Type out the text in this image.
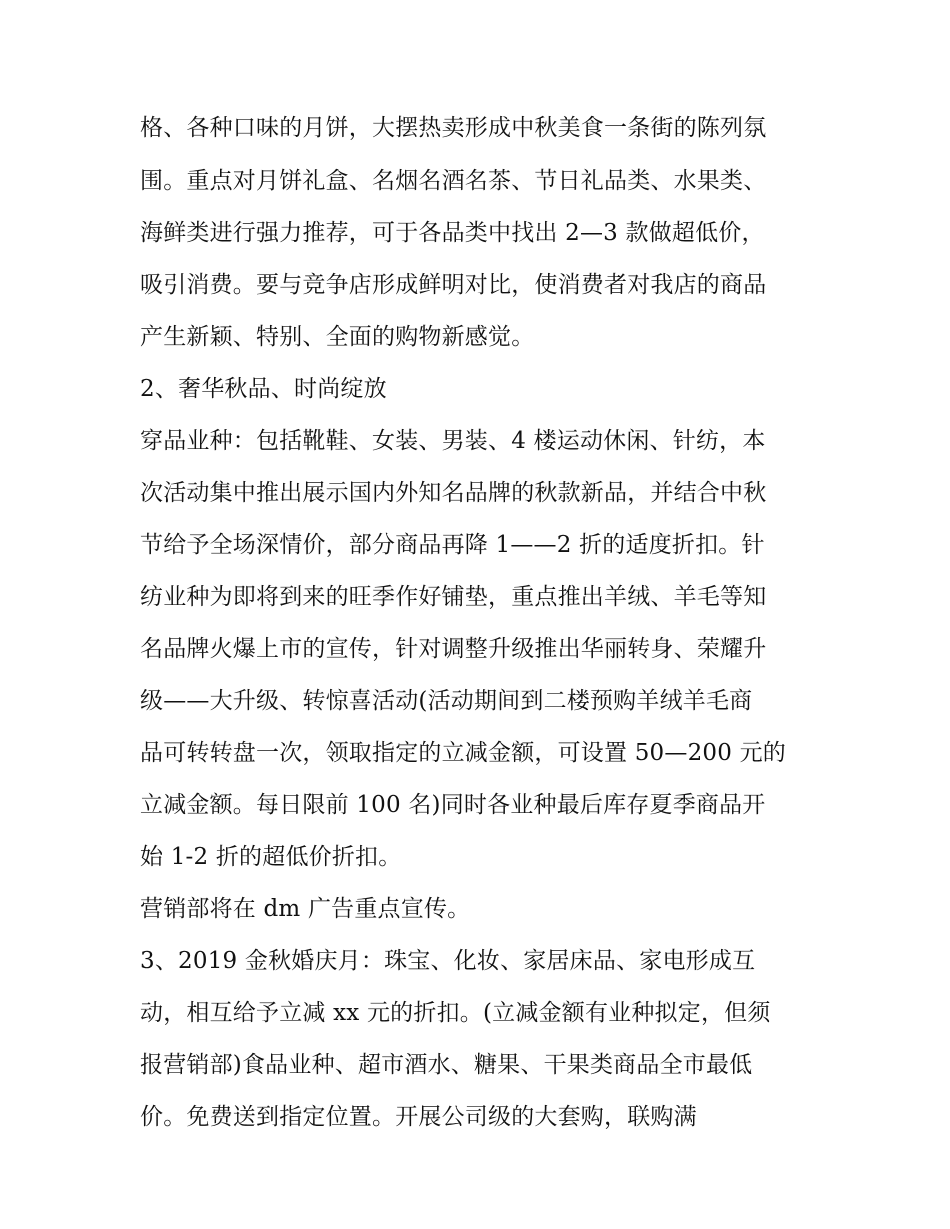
格、各种口味的月饼，大摆热卖形成中秋美食一条街的陈列氛
围。重点对月饼礼盒、名烟名酒名茶、节日礼品类、水果类、
海鲜类进行强力推荐，可于各品类中找出 2—3 款做超低价，
吸引消费。要与竞争店形成鲜明对比，使消费者对我店的商品
产生新颖、特别、全面的购物新感觉。
2、奢华秋品、时尚绽放
穿品业种：包括靴鞋、女装、男装、4 楼运动休闲、针纺，本
次活动集中推出展示国内外知名品牌的秋款新品，并结合中秋
节给予全场深情价，部分商品再降 1——2 折的适度折扣。针
纺业种为即将到来的旺季作好铺垫，重点推出羊绒、羊毛等知
名品牌火爆上市的宣传，针对调整升级推出华丽转身、荣耀升
级——大升级、转惊喜活动(活动期间到二楼预购羊绒羊毛商
品可转转盘一次，领取指定的立减金额，可设置 50—200 元的
立减金额。每日限前 100 名)同时各业种最后库存夏季商品开
始 1-2 折的超低价折扣。
营销部将在 dm 广告重点宣传。
3、2019 金秋婚庆月：珠宝、化妆、家居床品、家电形成互
动，相互给予立减 xx 元的折扣。(立减金额有业种拟定，但须
报营销部)食品业种、超市酒水、糖果、干果类商品全市最低
价。免费送到指定位置。开展公司级的大套购，联购满
